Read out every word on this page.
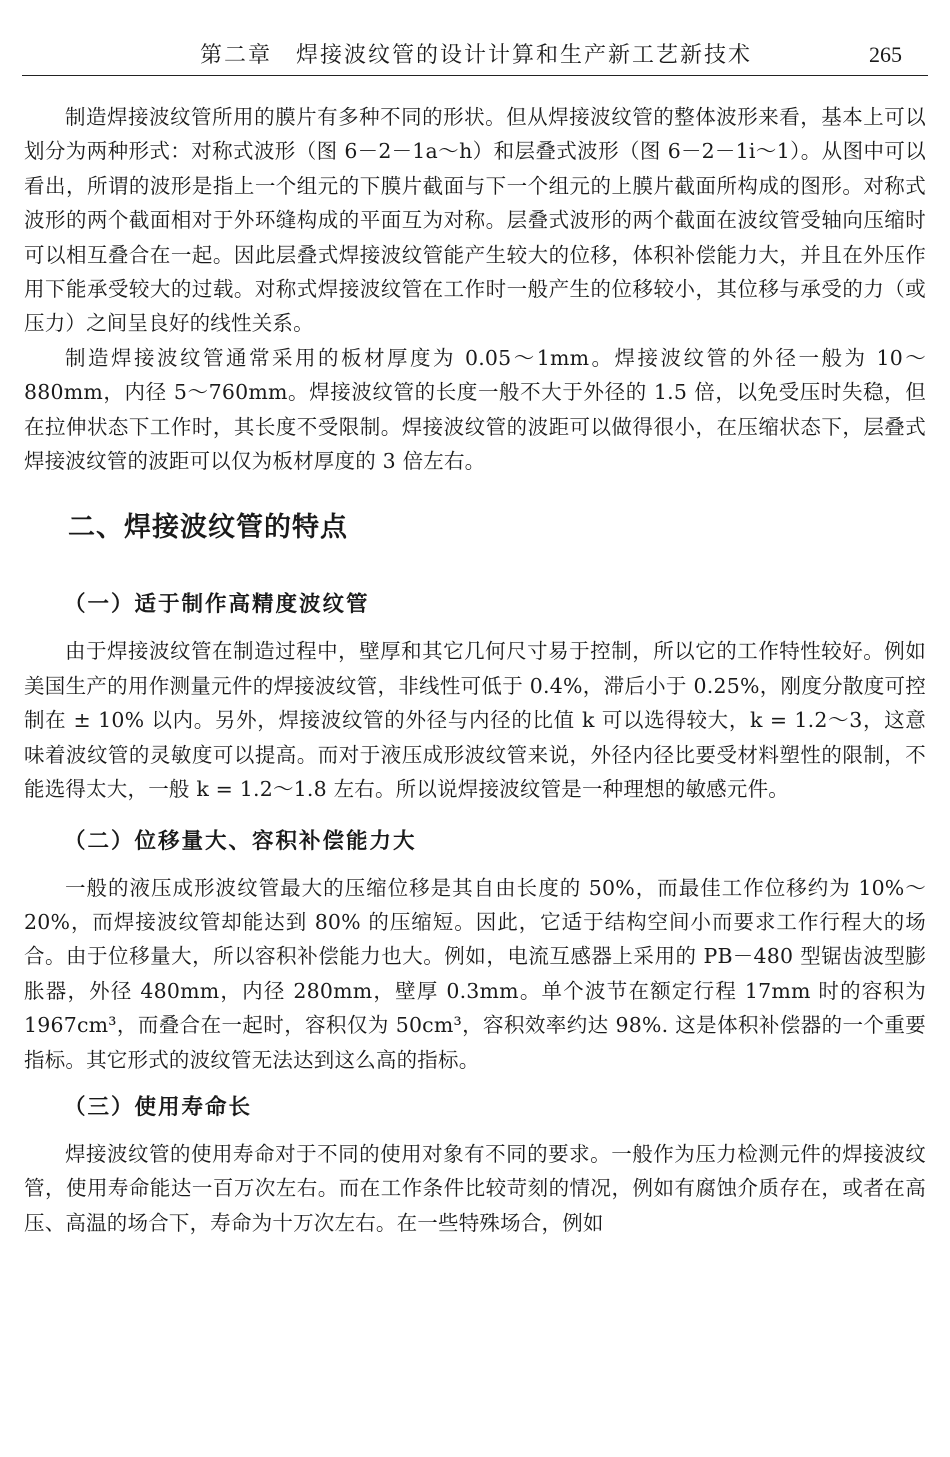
第二章　焊接波纹管的设计计算和生产新工艺新技术	265

制造焊接波纹管所用的膜片有多种不同的形状。但从焊接波纹管的整体波形来看，基本上可以划分为两种形式：对称式波形（图 6－2－1a～h）和层叠式波形（图 6－2－1i～1）。从图中可以看出，所谓的波形是指上一个组元的下膜片截面与下一个组元的上膜片截面所构成的图形。对称式波形的两个截面相对于外环缝构成的平面互为对称。层叠式波形的两个截面在波纹管受轴向压缩时可以相互叠合在一起。因此层叠式焊接波纹管能产生较大的位移，体积补偿能力大，并且在外压作用下能承受较大的过载。对称式焊接波纹管在工作时一般产生的位移较小，其位移与承受的力（或压力）之间呈良好的线性关系。

制造焊接波纹管通常采用的板材厚度为 0.05～1mm。焊接波纹管的外径一般为 10～880mm，内径 5～760mm。焊接波纹管的长度一般不大于外径的 1.5 倍，以免受压时失稳，但在拉伸状态下工作时，其长度不受限制。焊接波纹管的波距可以做得很小，在压缩状态下，层叠式焊接波纹管的波距可以仅为板材厚度的 3 倍左右。

二、焊接波纹管的特点
（一）适于制作高精度波纹管

由于焊接波纹管在制造过程中，壁厚和其它几何尺寸易于控制，所以它的工作特性较好。例如美国生产的用作测量元件的焊接波纹管，非线性可低于 0.4%，滞后小于 0.25%，刚度分散度可控制在 ± 10% 以内。另外，焊接波纹管的外径与内径的比值 k 可以选得较大，k = 1.2～3，这意味着波纹管的灵敏度可以提高。而对于液压成形波纹管来说，外径内径比要受材料塑性的限制，不能选得太大，一般 k = 1.2～1.8 左右。所以说焊接波纹管是一种理想的敏感元件。

（二）位移量大、容积补偿能力大

一般的液压成形波纹管最大的压缩位移是其自由长度的 50%，而最佳工作位移约为 10%～20%，而焊接波纹管却能达到 80% 的压缩短。因此，它适于结构空间小而要求工作行程大的场合。由于位移量大，所以容积补偿能力也大。例如，电流互感器上采用的 PB－480 型锯齿波型膨胀器，外径 480mm，内径 280mm，壁厚 0.3mm。单个波节在额定行程 17mm 时的容积为 1967cm³，而叠合在一起时，容积仅为 50cm³，容积效率约达 98%. 这是体积补偿器的一个重要指标。其它形式的波纹管无法达到这么高的指标。

（三）使用寿命长

焊接波纹管的使用寿命对于不同的使用对象有不同的要求。一般作为压力检测元件的焊接波纹管，使用寿命能达一百万次左右。而在工作条件比较苛刻的情况，例如有腐蚀介质存在，或者在高压、高温的场合下，寿命为十万次左右。在一些特殊场合，例如
